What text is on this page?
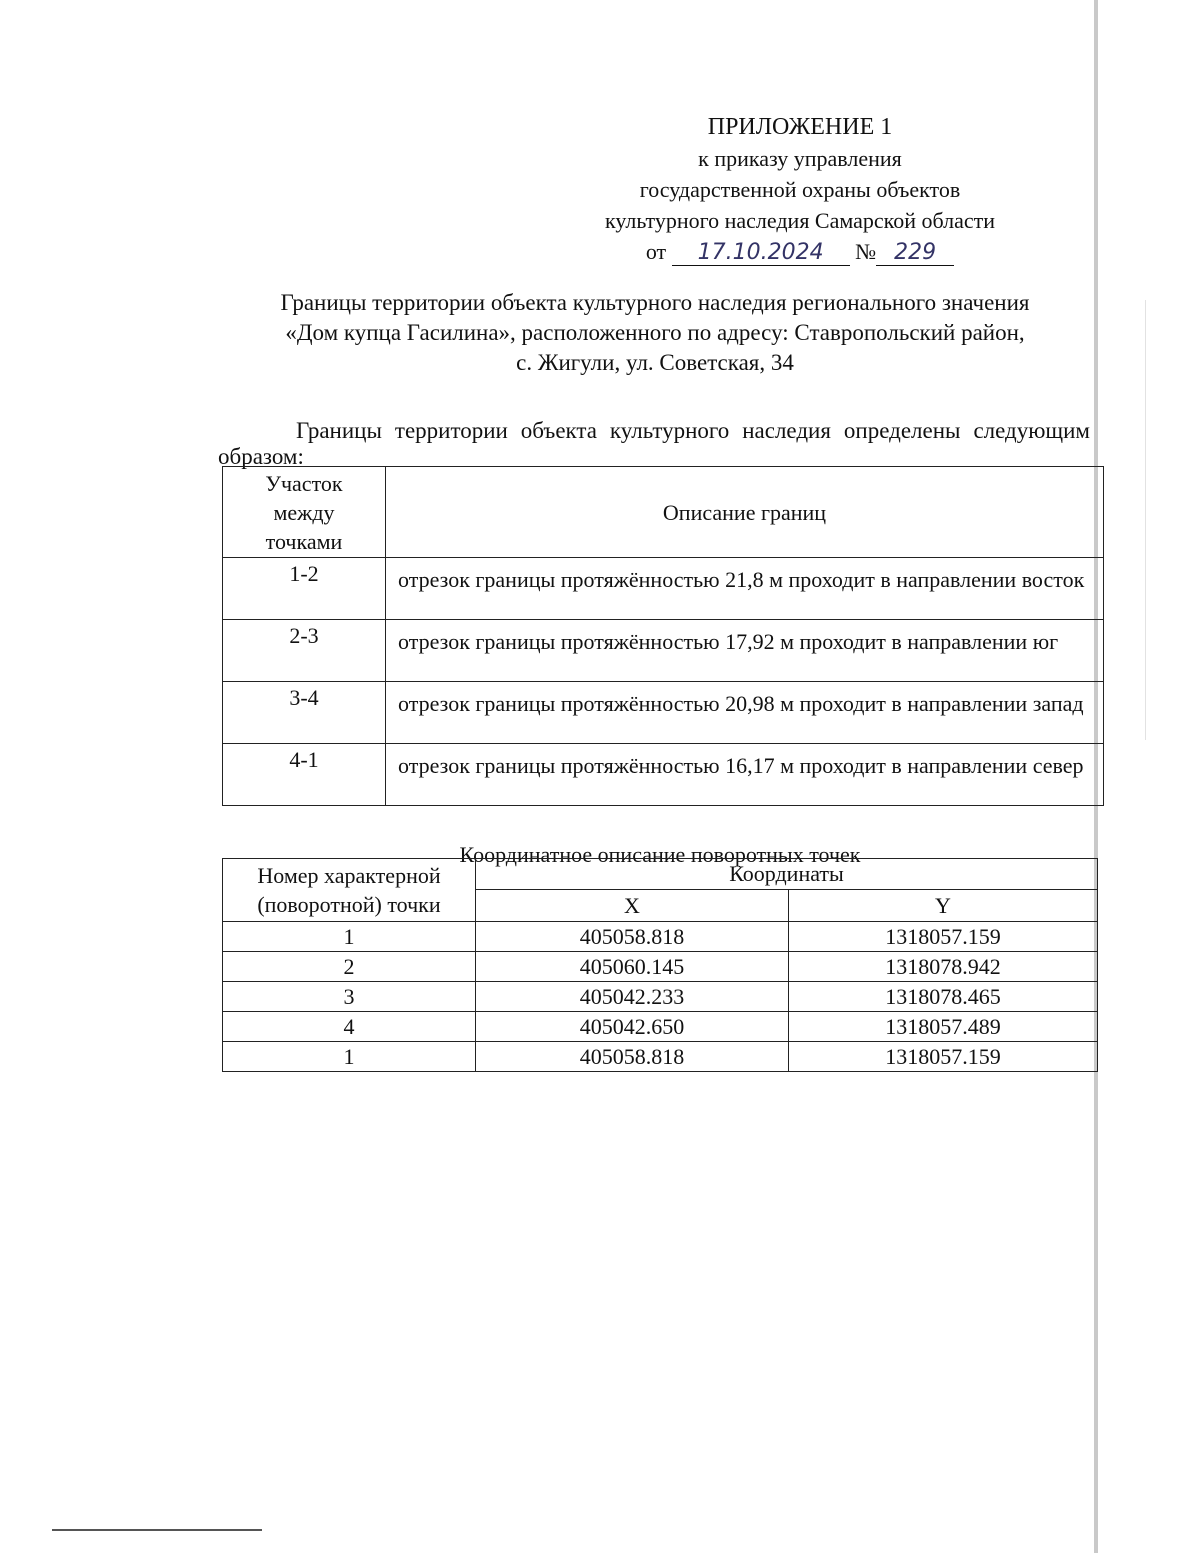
ПРИЛОЖЕНИЕ 1
к приказу управления
государственной охраны объектов
культурного наследия Самарской области
от 17.10.2024 № 229
Границы территории объекта культурного наследия регионального значения
«Дом купца Гасилина», расположенного по адресу: Ставропольский район,
с. Жигули, ул. Советская, 34
Границы территории объекта культурного наследия определены следующим образом:
Участок
между
точками	Описание границ
1-2	отрезок границы протяжённостью 21,8 м проходит в направлении восток
2-3	отрезок границы протяжённостью 17,92 м проходит в направлении юг
3-4	отрезок границы протяжённостью 20,98 м проходит в направлении запад
4-1	отрезок границы протяжённостью 16,17 м проходит в направлении север
Координатное описание поворотных точек
Номер характерной
(поворотной) точки	Координаты	
	X	Y
1	405058.818	1318057.159
2	405060.145	1318078.942
3	405042.233	1318078.465
4	405042.650	1318057.489
1	405058.818	1318057.159
